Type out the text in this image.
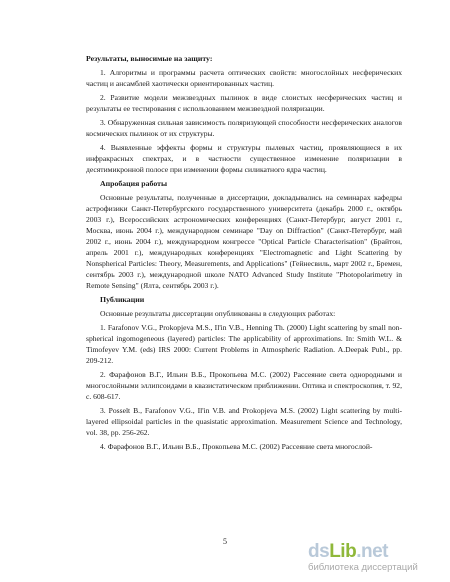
Результаты, выносимые на защиту:

1. Алгоритмы и программы расчета оптических свойств: многослойных несферических частиц и ансамблей хаотически ориентированных частиц.

2. Развитие модели межзвездных пылинок в виде слоистых несферических частиц и результаты ее тестирования с использованием межзвездной поляризации.

3. Обнаруженная сильная зависимость поляризующей способности несферических аналогов космических пылинок от их структуры.

4. Выявленные эффекты формы и структуры пылевых частиц, проявляющиеся в их инфракрасных спектрах, и в частности существенное изменение поляризации в десятимикронной полосе при изменении формы силикатного ядра частиц.

Апробация работы

Основные результаты, полученные в диссертации, докладывались на семинарах кафедры астрофизики Санкт-Петербургского государственного университета (декабрь 2000 г., октябрь 2003 г.), Всероссийских астрономических конференциях (Санкт-Петербург, август 2001 г., Москва, июнь 2004 г.), международном семинаре "Day on Diffraction" (Санкт-Петербург, май 2002 г., июнь 2004 г.), международном конгрессе "Optical Particle Characterisation" (Брайтон, апрель 2001 г.), международных конференциях "Electromagnetic and Light Scattering by Nonspherical Particles: Theory, Measurements, and Applications" (Гейнесвиль, март 2002 г., Бремен, сентябрь 2003 г.), международной школе NATO Advanced Study Institute "Photopolarimetry in Remote Sensing" (Ялта, сентябрь 2003 г.).

Публикации

Основные результаты диссертации опубликованы в следующих работах:

1. Farafonov V.G., Prokopjeva M.S., Il'in V.B., Henning Th. (2000) Light scattering by small non-spherical ingomogeneous (layered) particles: The applicability of approximations. In: Smith W.L. & Timofeyev Y.M. (eds) IRS 2000: Current Problems in Atmospheric Radiation. A.Deepak Publ., pp. 209-212.

2. Фарафонов В.Г., Ильин В.Б., Прокопьева М.С. (2002) Рассеяние света однородными и многослойными эллипсоидами в квазистатическом приближении. Оптика и спектроскопия, т. 92, с. 608-617.

3. Posselt B., Farafonov V.G., Il'in V.B. and Prokopjeva M.S. (2002) Light scattering by multi-layered ellipsoidal particles in the quasistatic approximation. Measurement Science and Technology, vol. 38, pp. 256-262.

4. Фарафонов В.Г., Ильин В.Б., Прокопьева М.С. (2002) Рассеяние света многослой-

5	dsLib.net
библиотека диссертаций
